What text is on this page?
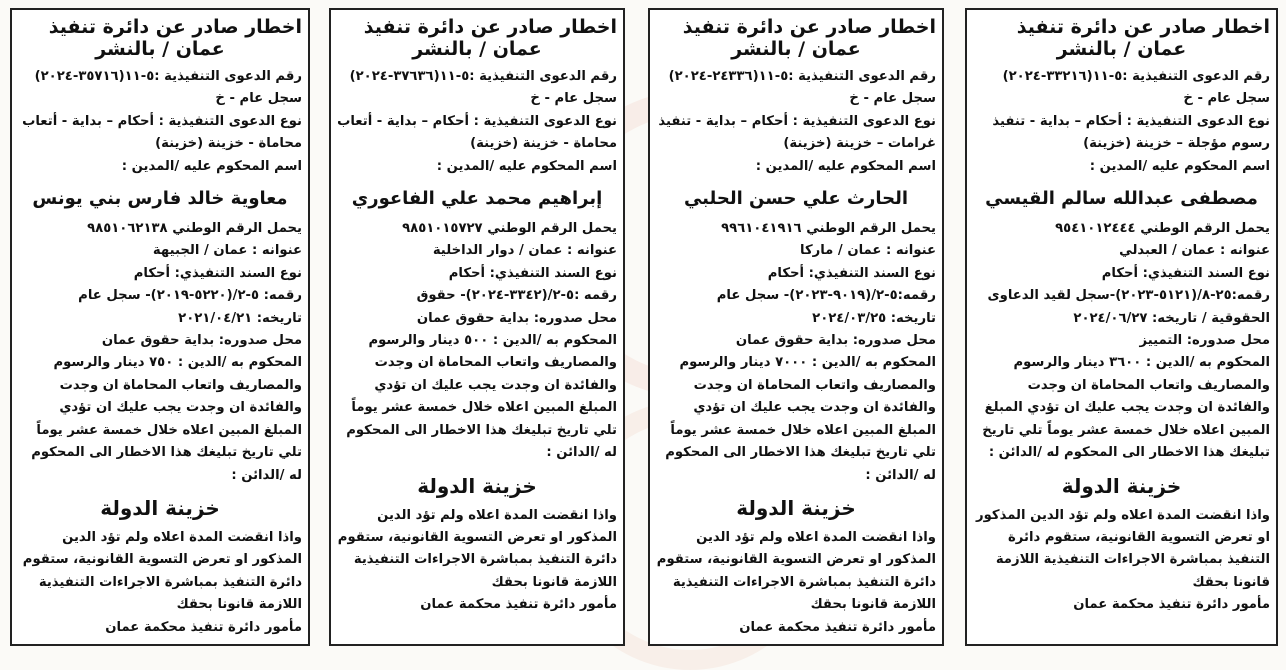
اخطار صادر عن دائرة تنفيذ
عمان / بالنشر

رقم الدعوى التنفيذية :٥-١١(٣٣٢١٦-٢٠٢٤) سجل عام - خ

نوع الدعوى التنفيذية : أحكام – بداية - تنفيذ رسوم مؤجلة – خزينة (خزينة)

اسم المحكوم عليه /المدين :

مصطفى عبدالله سالم القيسي

يحمل الرقم الوطني ٩٥٤١٠١٢٤٤٤

عنوانه : عمان / العبدلي

نوع السند التنفيذي: أحكام

رقمه:٢٥-٨/(٥١٢١-٢٠٢٣)-سجل لقيد الدعاوى الحقوقية / تاريخه: ٢٠٢٤/٠٦/٢٧

محل صدوره: التمييز

المحكوم به /الدين : ٣٦٠٠ دينار والرسوم والمصاريف واتعاب المحاماة ان وجدت والفائدة ان وجدت يجب عليك ان تؤدي المبلغ المبين اعلاه خلال خمسة عشر يوماً تلي تاريخ تبليغك هذا الاخطار الى المحكوم له /الدائن :

خزينة الدولة

واذا انقضت المدة اعلاه ولم تؤد الدين المذكور او تعرض التسوية القانونية، ستقوم دائرة التنفيذ بمباشرة الاجراءات التنفيذية اللازمة قانونا بحقك

مأمور دائرة تنفيذ محكمة عمان

اخطار صادر عن دائرة تنفيذ
عمان / بالنشر

رقم الدعوى التنفيذية :٥-١١(٢٤٣٣٦-٢٠٢٤) سجل عام - خ

نوع الدعوى التنفيذية : أحكام – بداية - تنفيذ غرامات – خزينة (خزينة)

اسم المحكوم عليه /المدين :

الحارث علي حسن الحلبي

يحمل الرقم الوطني ٩٩٦١٠٤١٩١٦

عنوانه : عمان / ماركا

نوع السند التنفيذي: أحكام

رقمه:٥-٢/(٩٠١٩-٢٠٢٣)- سجل عام

تاريخه: ٢٠٢٤/٠٣/٢٥

محل صدوره: بداية حقوق عمان

المحكوم به /الدين : ٧٠٠٠ دينار والرسوم والمصاريف واتعاب المحاماة ان وجدت والفائدة ان وجدت يجب عليك ان تؤدي المبلغ المبين اعلاه خلال خمسة عشر يوماً تلي تاريخ تبليغك هذا الاخطار الى المحكوم له /الدائن :

خزينة الدولة

واذا انقضت المدة اعلاه ولم تؤد الدين المذكور او تعرض التسوية القانونية، ستقوم دائرة التنفيذ بمباشرة الاجراءات التنفيذية اللازمة قانونا بحقك

مأمور دائرة تنفيذ محكمة عمان

اخطار صادر عن دائرة تنفيذ
عمان / بالنشر

رقم الدعوى التنفيذية :٥-١١(٣٧٦٣٦-٢٠٢٤) سجل عام - خ

نوع الدعوى التنفيذية : أحكام – بداية - أتعاب محاماة - خزينة (خزينة)

اسم المحكوم عليه /المدين :

إبراهيم محمد علي الفاعوري

يحمل الرقم الوطني ٩٨٥١٠١٥٧٢٧

عنوانه : عمان / دوار الداخلية

نوع السند التنفيذي: أحكام

رقمه :٥-٢/(٣٣٤٢-٢٠٢٤)- حقوق

محل صدوره: بداية حقوق عمان

المحكوم به /الدين : ٥٠٠ دينار والرسوم والمصاريف واتعاب المحاماة ان وجدت والفائدة ان وجدت يجب عليك ان تؤدي المبلغ المبين اعلاه خلال خمسة عشر يوماً تلي تاريخ تبليغك هذا الاخطار الى المحكوم له /الدائن :

خزينة الدولة

واذا انقضت المدة اعلاه ولم تؤد الدين المذكور او تعرض التسوية القانونية، ستقوم دائرة التنفيذ بمباشرة الاجراءات التنفيذية اللازمة قانونا بحقك

مأمور دائرة تنفيذ محكمة عمان

اخطار صادر عن دائرة تنفيذ
عمان / بالنشر

رقم الدعوى التنفيذية :٥-١١(٣٥٧١٦-٢٠٢٤) سجل عام - خ

نوع الدعوى التنفيذية : أحكام – بداية - أتعاب محاماة - خزينة (خزينة)

اسم المحكوم عليه /المدين :

معاوية خالد فارس بني يونس

يحمل الرقم الوطني ٩٨٥١٠٦٢١٣٨

عنوانه : عمان / الجبيهة

نوع السند التنفيذي: أحكام

رقمه: ٥-٢/(٥٢٢٠-٢٠١٩)- سجل عام

تاريخه: ٢٠٢١/٠٤/٢١

محل صدوره: بداية حقوق عمان

المحكوم به /الدين : ٧٥٠ دينار والرسوم والمصاريف واتعاب المحاماة ان وجدت والفائدة ان وجدت يجب عليك ان تؤدي المبلغ المبين اعلاه خلال خمسة عشر يوماً تلي تاريخ تبليغك هذا الاخطار الى المحكوم له /الدائن :

خزينة الدولة

واذا انقضت المدة اعلاه ولم تؤد الدين المذكور او تعرض التسوية القانونية، ستقوم دائرة التنفيذ بمباشرة الاجراءات التنفيذية اللازمة قانونا بحقك

مأمور دائرة تنفيذ محكمة عمان
